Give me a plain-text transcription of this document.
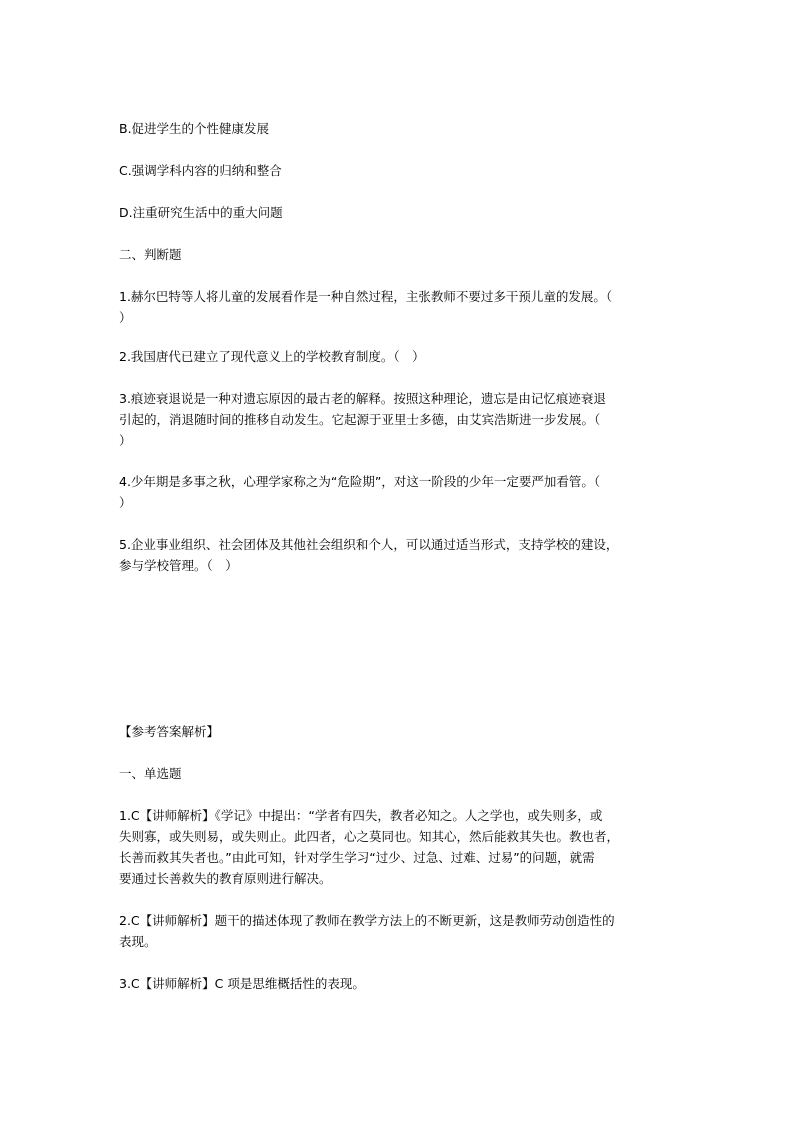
B.促进学生的个性健康发展
C.强调学科内容的归纳和整合
D.注重研究生活中的重大问题
二、判断题
1.赫尔巴特等人将儿童的发展看作是一种自然过程，主张教师不要过多干预儿童的发展。（
）
2.我国唐代已建立了现代意义上的学校教育制度。（　）
3.痕迹衰退说是一种对遗忘原因的最古老的解释。按照这种理论，遗忘是由记忆痕迹衰退
引起的，消退随时间的推移自动发生。它起源于亚里士多德，由艾宾浩斯进一步发展。（
）
4.少年期是多事之秋，心理学家称之为“危险期”，对这一阶段的少年一定要严加看管。（
）
5.企业事业组织、社会团体及其他社会组织和个人，可以通过适当形式，支持学校的建设，
参与学校管理。（　）
【参考答案解析】
一、单选题
1.C【讲师解析】《学记》中提出：“学者有四失，教者必知之。人之学也，或失则多，或
失则寡，或失则易，或失则止。此四者，心之莫同也。知其心，然后能救其失也。教也者，
长善而救其失者也。”由此可知，针对学生学习“过少、过急、过难、过易”的问题，就需
要通过长善救失的教育原则进行解决。
2.C【讲师解析】题干的描述体现了教师在教学方法上的不断更新，这是教师劳动创造性的
表现。
3.C【讲师解析】C 项是思维概括性的表现。
